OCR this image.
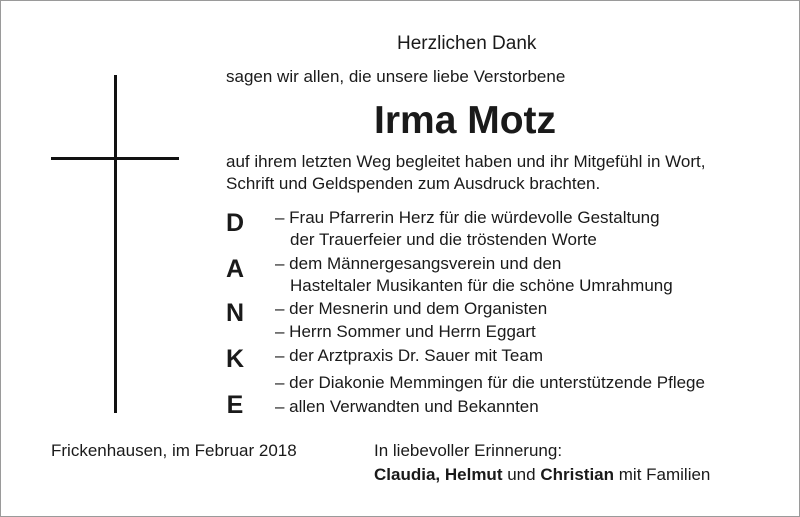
Herzlichen Dank
sagen wir allen, die unsere liebe Verstorbene
Irma Motz
auf ihrem letzten Weg begleitet haben und ihr Mitgefühl in Wort,
Schrift und Geldspenden zum Ausdruck brachten.
D
A
N
K
E
– Frau Pfarrerin Herz für die würdevolle Gestaltung
der Trauerfeier und die tröstenden Worte
– dem Männergesangsverein und den
Hasteltaler Musikanten für die schöne Umrahmung
– der Mesnerin und dem Organisten
– Herrn Sommer und Herrn Eggart
– der Arztpraxis Dr. Sauer mit Team
– der Diakonie Memmingen für die unterstützende Pflege
– allen Verwandten und Bekannten
Frickenhausen, im Februar 2018	In liebevoller Erinnerung:
Claudia, Helmut und Christian mit Familien
